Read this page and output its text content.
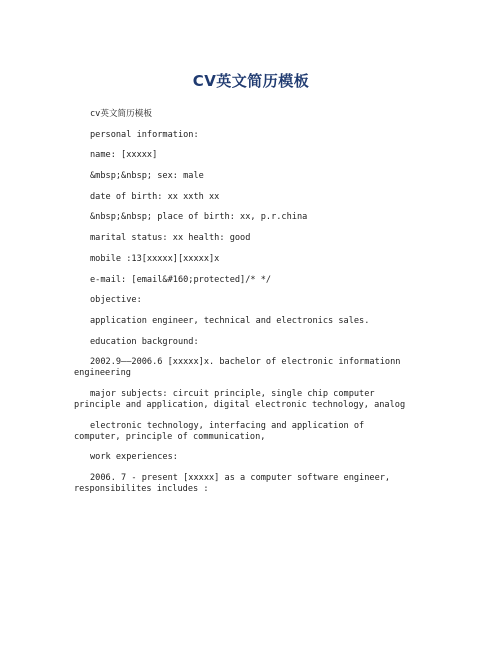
CV英文简历模板

cv英文简历模板

personal information:

name: [xxxxx]

&mbsp;&nbsp; sex: male

date of birth: xx xxth xx

&nbsp;&nbsp; place of birth: xx, p.r.china

marital status: xx health: good

mobile :13[xxxxx][xxxxx]x

e-mail: [email&#160;protected]/* */

objective:

application engineer, technical and electronics sales.

education background:

2002.9——2006.6 [xxxxx]x. bachelor of electronic informationn engineering

major subjects: circuit principle, single chip computer principle and application, digital electronic technology, analog

electronic technology, interfacing and application of computer, principle of communication,

work experiences:

2006. 7 - present [xxxxx] as a computer software engineer, responsibilites includes :
